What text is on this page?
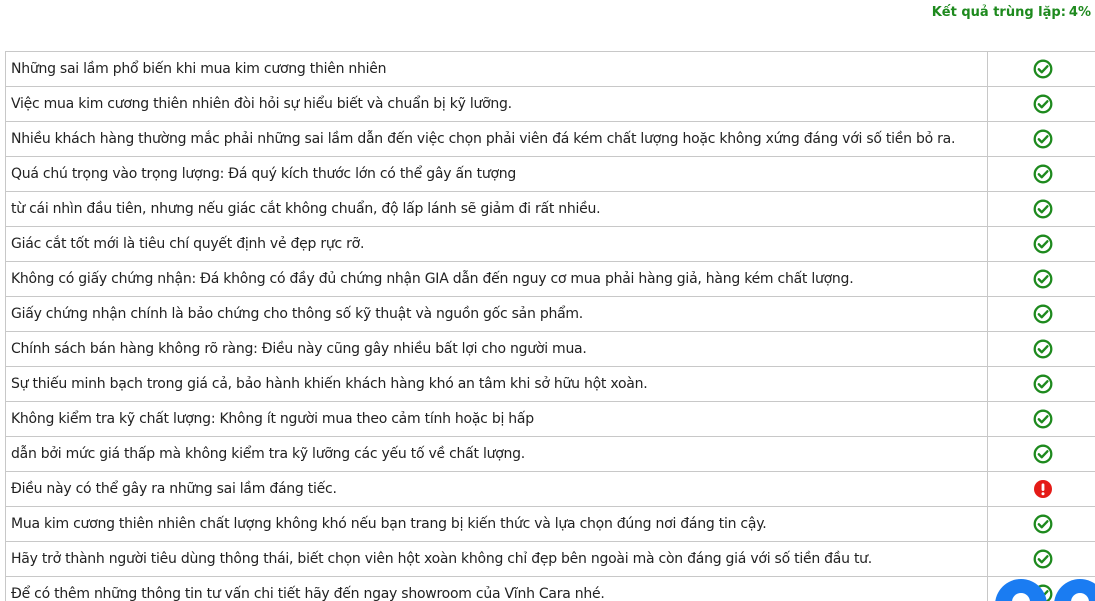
Kết quả trùng lặp: 4%
Những sai lầm phổ biến khi mua kim cương thiên nhiên	
Việc mua kim cương thiên nhiên đòi hỏi sự hiểu biết và chuẩn bị kỹ lưỡng.	
Nhiều khách hàng thường mắc phải những sai lầm dẫn đến việc chọn phải viên đá kém chất lượng hoặc không xứng đáng với số tiền bỏ ra.	
Quá chú trọng vào trọng lượng: Đá quý kích thước lớn có thể gây ấn tượng	
từ cái nhìn đầu tiên, nhưng nếu giác cắt không chuẩn, độ lấp lánh sẽ giảm đi rất nhiều.	
Giác cắt tốt mới là tiêu chí quyết định vẻ đẹp rực rỡ.	
Không có giấy chứng nhận: Đá không có đầy đủ chứng nhận GIA dẫn đến nguy cơ mua phải hàng giả, hàng kém chất lượng.	
Giấy chứng nhận chính là bảo chứng cho thông số kỹ thuật và nguồn gốc sản phẩm.	
Chính sách bán hàng không rõ ràng: Điều này cũng gây nhiều bất lợi cho người mua.	
Sự thiếu minh bạch trong giá cả, bảo hành khiến khách hàng khó an tâm khi sở hữu hột xoàn.	
Không kiểm tra kỹ chất lượng: Không ít người mua theo cảm tính hoặc bị hấp	
dẫn bởi mức giá thấp mà không kiểm tra kỹ lưỡng các yếu tố về chất lượng.	
Điều này có thể gây ra những sai lầm đáng tiếc.	
Mua kim cương thiên nhiên chất lượng không khó nếu bạn trang bị kiến thức và lựa chọn đúng nơi đáng tin cậy.	
Hãy trở thành người tiêu dùng thông thái, biết chọn viên hột xoàn không chỉ đẹp bên ngoài mà còn đáng giá với số tiền đầu tư.	
Để có thêm những thông tin tư vấn chi tiết hãy đến ngay showroom của Vĩnh Cara nhé.	
